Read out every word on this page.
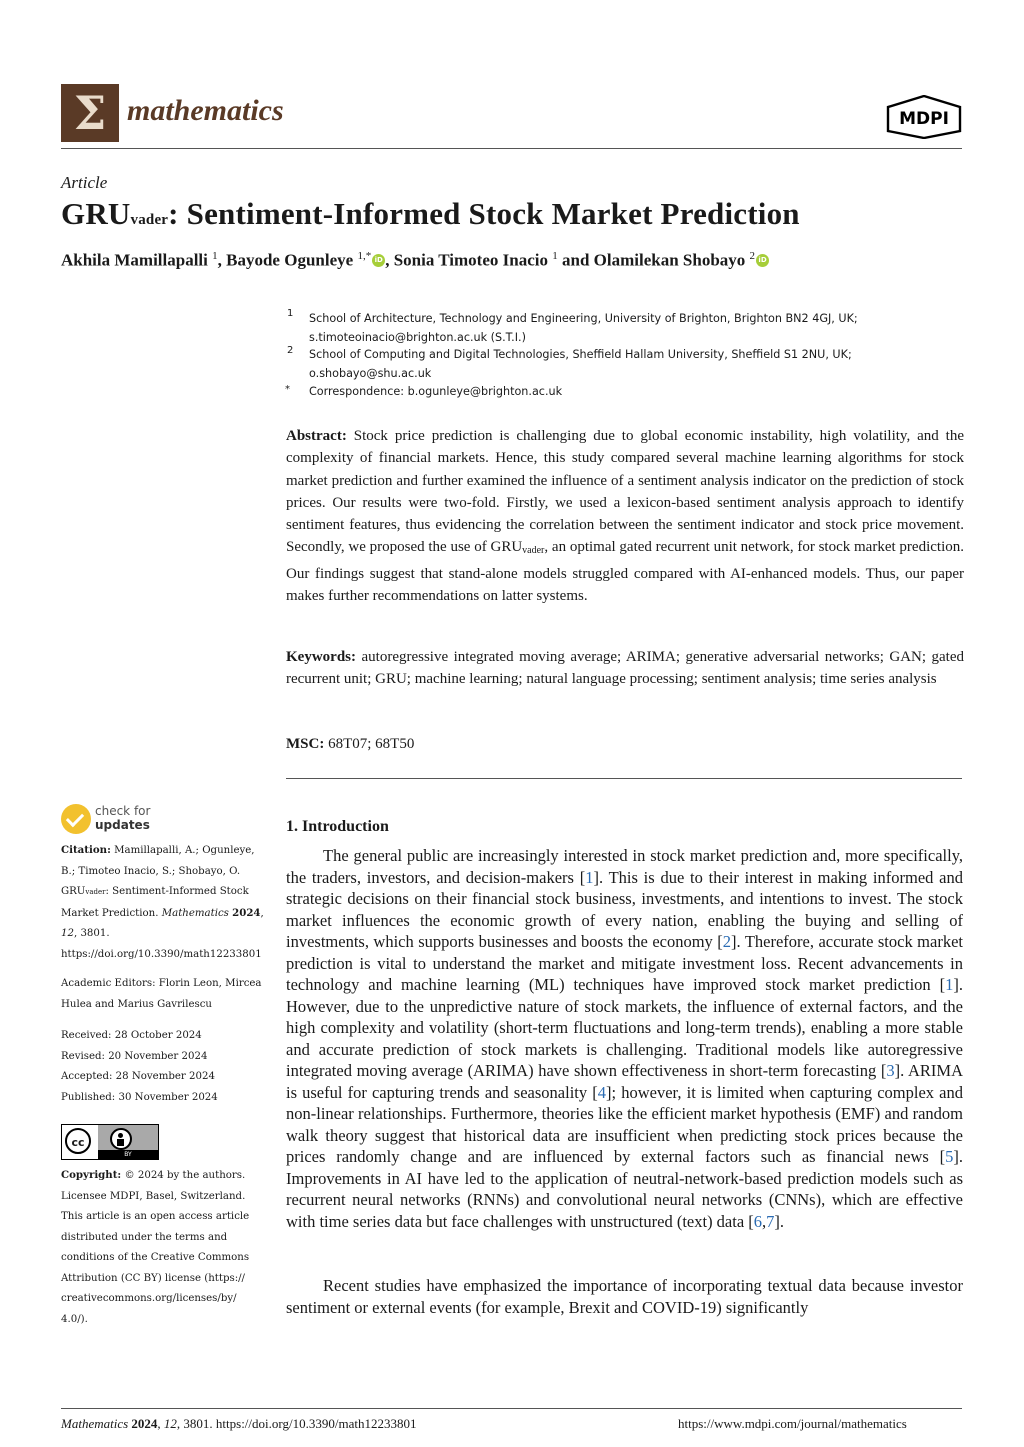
Σ mathematics	MDPI
Article
GRUvader: Sentiment-Informed Stock Market Prediction
Akhila Mamillapalli $^1$, Bayode Ogunleye $^{1,*}$ iD , Sonia Timoteo Inacio $^1$ and Olamilekan Shobayo $^2$ iD
1 School of Architecture, Technology and Engineering, University of Brighton, Brighton BN2 4GJ, UK;
s.timoteoinacio@brighton.ac.uk (S.T.I.)
2 School of Computing and Digital Technologies, Sheffield Hallam University, Sheffield S1 2NU, UK;
o.shobayo@shu.ac.uk
* Correspondence: b.ogunleye@brighton.ac.uk
Abstract: Stock price prediction is challenging due to global economic instability, high volatility, and the complexity of financial markets. Hence, this study compared several machine learning algorithms for stock market prediction and further examined the influence of a sentiment analysis indicator on the prediction of stock prices. Our results were two-fold. Firstly, we used a lexicon-based sentiment analysis approach to identify sentiment features, thus evidencing the correlation between the sentiment indicator and stock price movement. Secondly, we proposed the use of $GRU_{vader}$, an optimal gated recurrent unit network, for stock market prediction. Our findings suggest that stand-alone models struggled compared with AI-enhanced models. Thus, our paper makes further recommendations on latter systems.
Keywords: autoregressive integrated moving average; ARIMA; generative adversarial networks; GAN; gated recurrent unit; GRU; machine learning; natural language processing; sentiment analysis; time series analysis
MSC: 68T07; 68T50
check for
updates
Citation: Mamillapalli, A.; Ogunleye, B.; Timoteo Inacio, S.; Shobayo, O. GRUvader: Sentiment-Informed Stock Market Prediction. Mathematics 2024, 12, 3801. https://doi.org/10.3390/math12233801
Academic Editors: Florin Leon, Mircea Hulea and Marius Gavrilescu
Received: 28 October 2024
Revised: 20 November 2024
Accepted: 28 November 2024
Published: 30 November 2024
cc
BY
Copyright: © 2024 by the authors. Licensee MDPI, Basel, Switzerland. This article is an open access article distributed under the terms and conditions of the Creative Commons Attribution (CC BY) license (https:// creativecommons.org/licenses/by/ 4.0/).
1. Introduction
The general public are increasingly interested in stock market prediction and, more specifically, the traders, investors, and decision-makers [1]. This is due to their interest in making informed and strategic decisions on their financial stock business, investments, and intentions to invest. The stock market influences the economic growth of every nation, enabling the buying and selling of investments, which supports businesses and boosts the economy [2]. Therefore, accurate stock market prediction is vital to understand the market and mitigate investment loss. Recent advancements in technology and machine learning (ML) techniques have improved stock market prediction [1]. However, due to the unpredictive nature of stock markets, the influence of external factors, and the high complexity and volatility (short-term fluctuations and long-term trends), enabling a more stable and accurate prediction of stock markets is challenging. Traditional models like autoregressive integrated moving average (ARIMA) have shown effectiveness in short-term forecasting [3]. ARIMA is useful for capturing trends and seasonality [4]; however, it is limited when capturing complex and non-linear relationships. Furthermore, theories like the efficient market hypothesis (EMF) and random walk theory suggest that historical data are insufficient when predicting stock prices because the prices randomly change and are influenced by external factors such as financial news [5]. Improvements in AI have led to the application of neutral-network-based prediction models such as recurrent neural networks (RNNs) and convolutional neural networks (CNNs), which are effective with time series data but face challenges with unstructured (text) data [6,7].
Recent studies have emphasized the importance of incorporating textual data because investor sentiment or external events (for example, Brexit and COVID-19) significantly
Mathematics 2024, 12, 3801. https://doi.org/10.3390/math12233801	https://www.mdpi.com/journal/mathematics
